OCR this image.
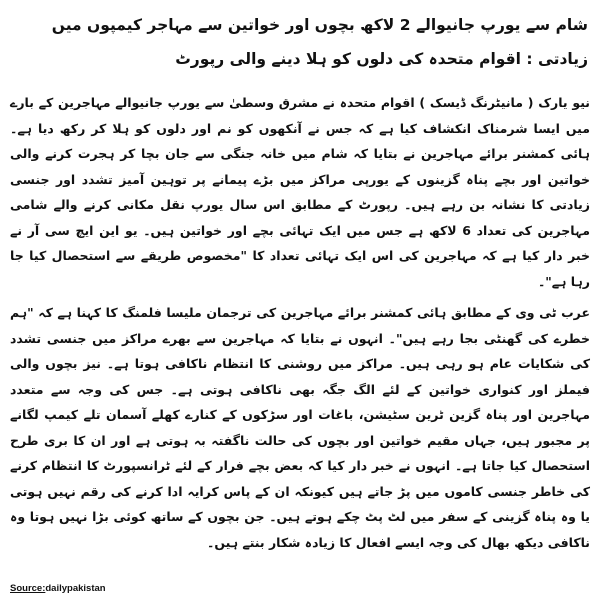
شام سے یورپ جانیوالے 2 لاکھ بچوں اور خواتین سے مہاجر کیمپوں میں زیادتی : اقوام متحدہ کی دلوں کو ہلا دینے والی رپورٹ

نیو یارک ( مانیٹرنگ ڈیسک ) اقوام متحدہ نے مشرق وسطیٰ سے یورپ جانیوالے مہاجرین کے بارے میں ایسا شرمناک انکشاف کیا ہے کہ جس نے آنکھوں کو نم اور دلوں کو ہلا کر رکھ دیا ہے۔ ہائی کمشنر برائے مہاجرین نے بتایا کہ شام میں خانہ جنگی سے جان بچا کر ہجرت کرنے والی خواتین اور بچے پناہ گزینوں کے یورپی مراکز میں بڑے پیمانے پر توہین آمیز تشدد اور جنسی زیادتی کا نشانہ بن رہے ہیں۔ رپورٹ کے مطابق اس سال یورپ نقل مکانی کرنے والے شامی مہاجرین کی تعداد 6 لاکھ ہے جس میں ایک تہائی بچے اور خواتین ہیں۔ یو این ایچ سی آر نے خبر دار کیا ہے کہ مہاجرین کی اس ایک تہائی تعداد کا "مخصوص طریقے سے استحصال کیا جا رہا ہے"۔

عرب ٹی وی کے مطابق ہائی کمشنر برائے مہاجرین کی ترجمان ملیسا فلمنگ کا کہنا ہے کہ "ہم خطرے کی گھنٹی بجا رہے ہیں"۔ انہوں نے بتایا کہ مہاجرین سے بھرے مراکز میں جنسی تشدد کی شکایات عام ہو رہی ہیں۔ مراکز میں روشنی کا انتظام ناکافی ہوتا ہے۔ نیز بچوں والی فیملز اور کنواری خواتین کے لئے الگ جگہ بھی ناکافی ہوتی ہے۔ جس کی وجہ سے متعدد مہاجرین اور پناہ گزین ٹرین سٹیشن، باغات اور سڑکوں کے کنارے کھلے آسمان تلے کیمپ لگانے پر مجبور ہیں، جہاں مقیم خواتین اور بچوں کی حالت ناگفتہ بہ ہوتی ہے اور ان کا بری طرح استحصال کیا جاتا ہے۔ انہوں نے خبر دار کیا کہ بعض بچے فرار کے لئے ٹرانسپورٹ کا انتظام کرنے کی خاطر جنسی کاموں میں پڑ جاتے ہیں کیونکہ ان کے پاس کرایہ ادا کرنے کی رقم نہیں ہوتی یا وہ پناہ گزینی کے سفر میں لٹ پٹ چکے ہوتے ہیں۔ جن بچوں کے ساتھ کوئی بڑا نہیں ہوتا وہ ناکافی دیکھ بھال کی وجہ ایسے افعال کا زیادہ شکار بنتے ہیں۔

Source:dailypakistan
